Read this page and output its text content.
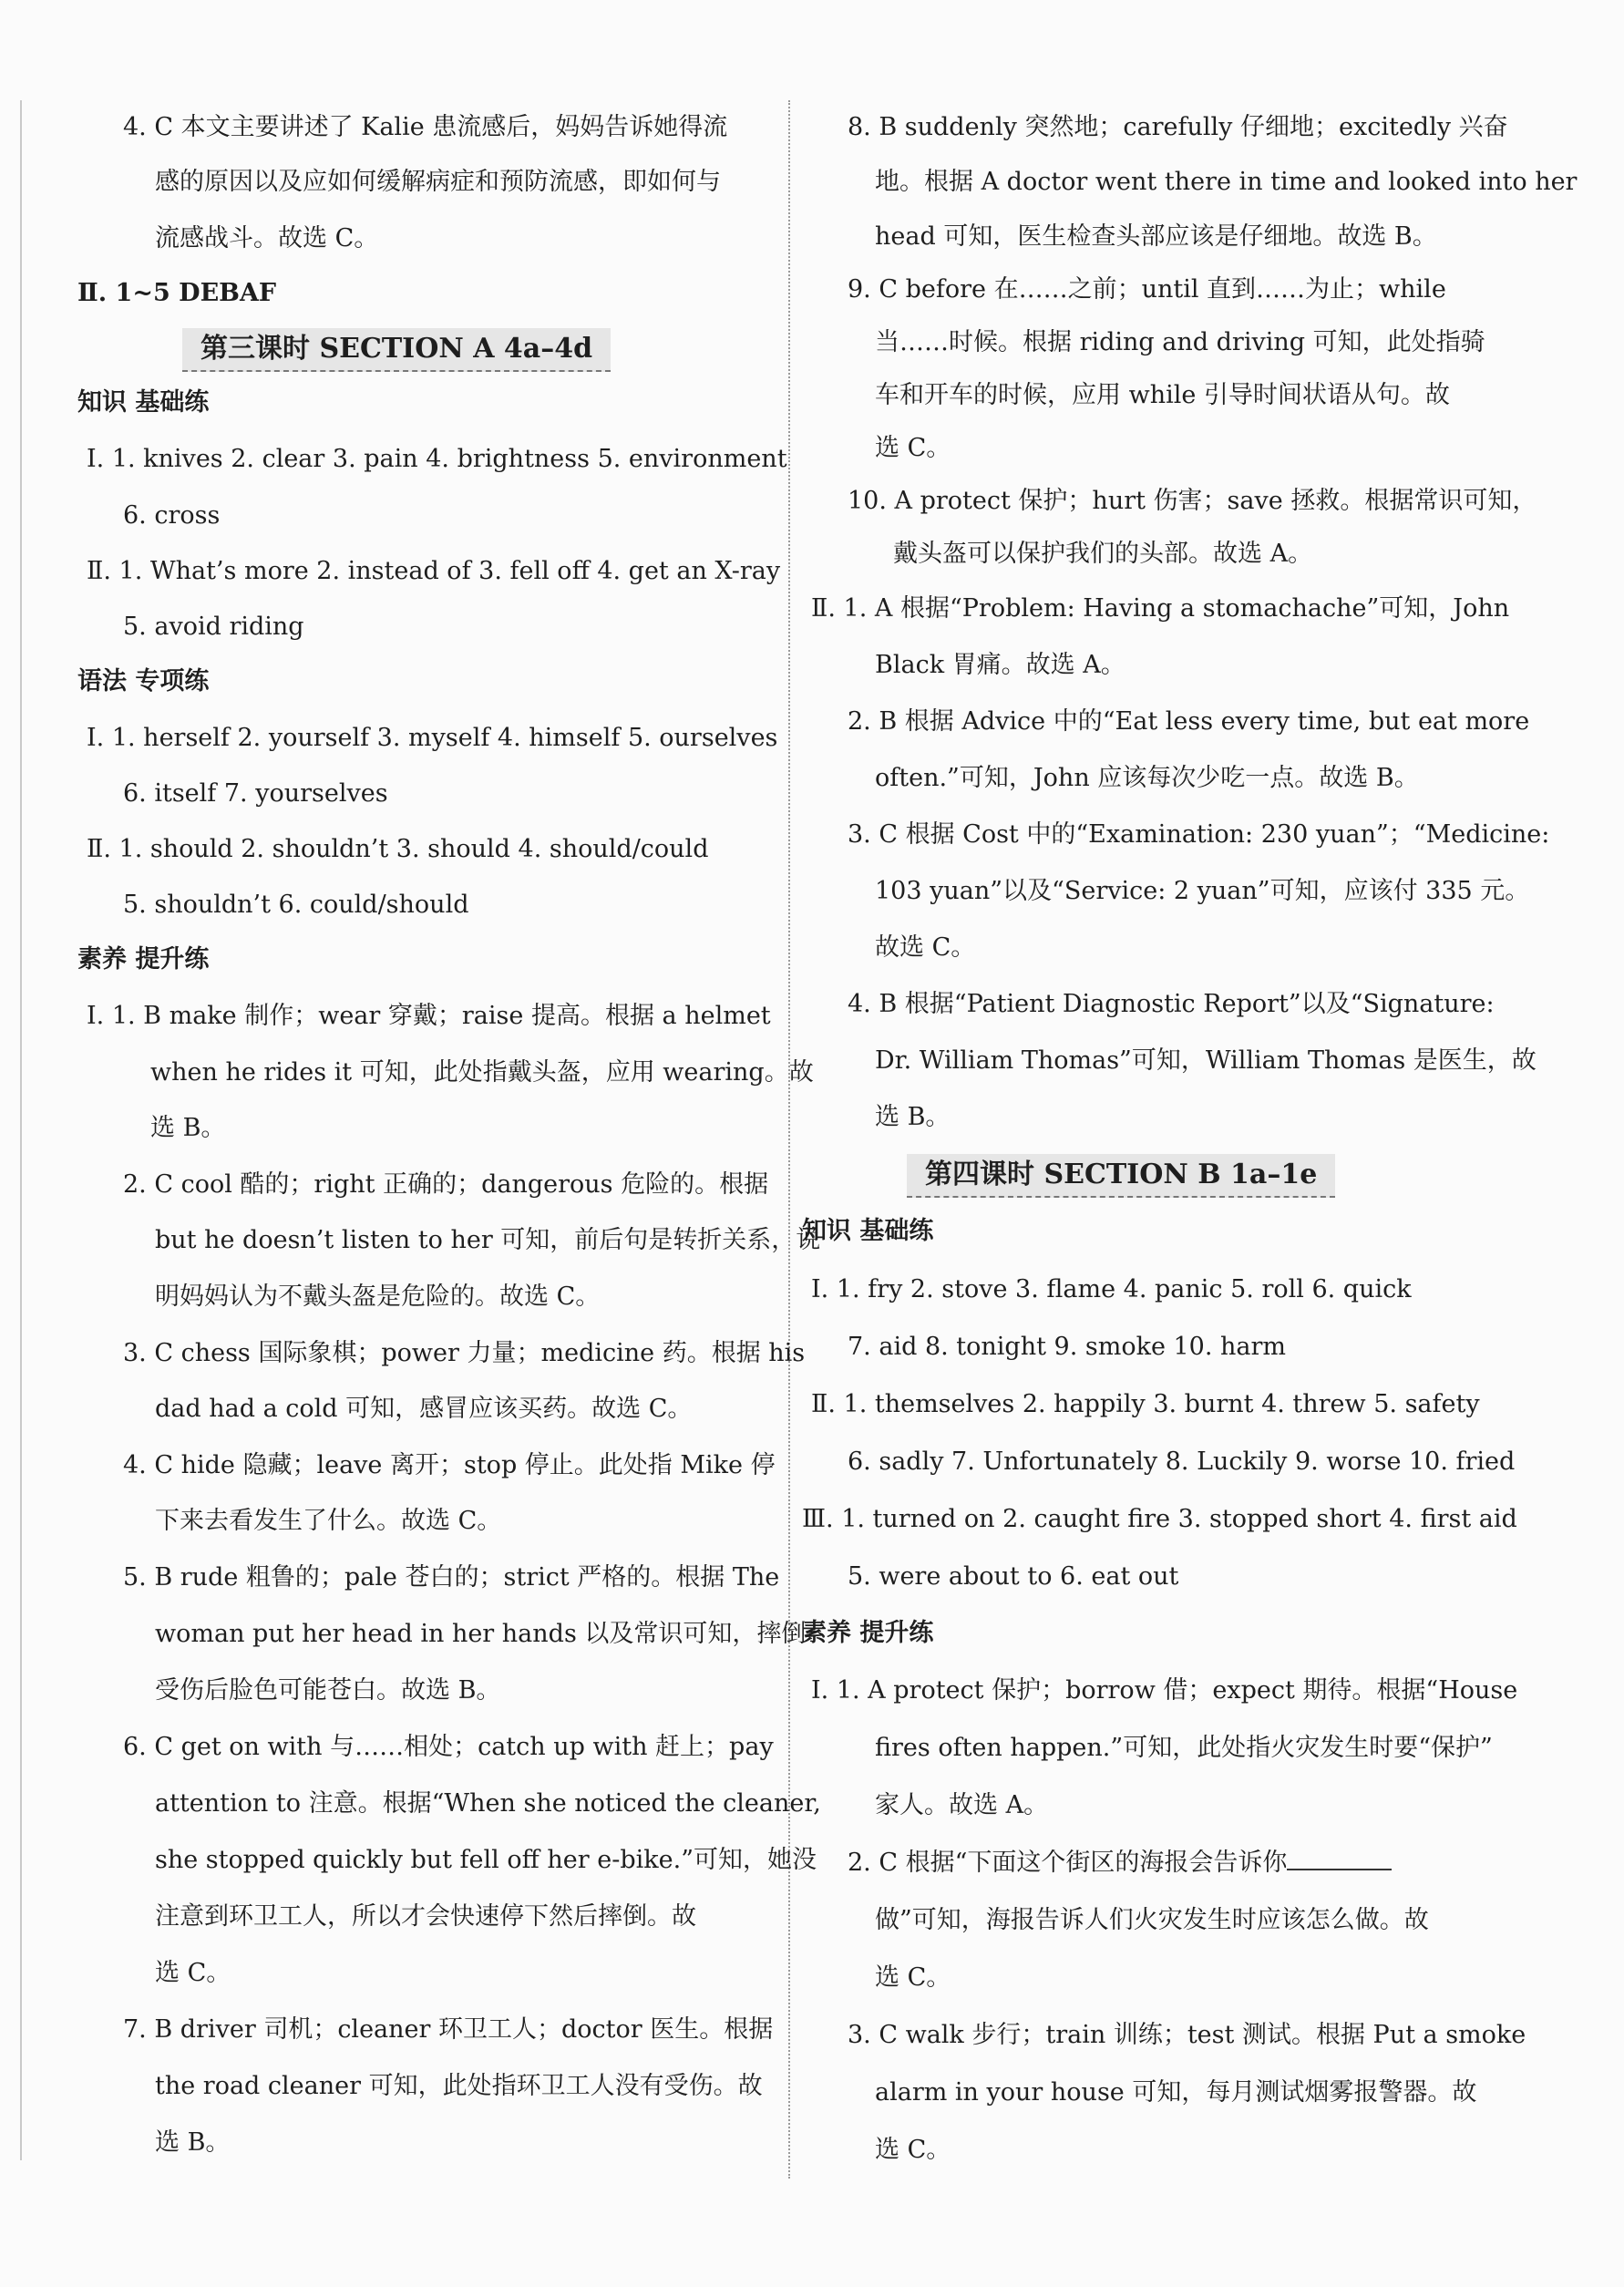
4. C 本文主要讲述了 Kalie 患流感后，妈妈告诉她得流
感的原因以及应如何缓解病症和预防流感，即如何与
流感战斗。故选 C。
Ⅱ. 1~5 DEBAF
第三课时 SECTION A 4a–4d
知识 基础练
Ⅰ. 1. knives 2. clear 3. pain 4. brightness 5. environment
6. cross
Ⅱ. 1. What’s more 2. instead of 3. fell off 4. get an X-ray
5. avoid riding
语法 专项练
Ⅰ. 1. herself 2. yourself 3. myself 4. himself 5. ourselves
6. itself 7. yourselves
Ⅱ. 1. should 2. shouldn’t 3. should 4. should/could
5. shouldn’t 6. could/should
素养 提升练
Ⅰ. 1. B make 制作；wear 穿戴；raise 提高。根据 a helmet
when he rides it 可知，此处指戴头盔，应用 wearing。故
选 B。
2. C cool 酷的；right 正确的；dangerous 危险的。根据
but he doesn’t listen to her 可知，前后句是转折关系，说
明妈妈认为不戴头盔是危险的。故选 C。
3. C chess 国际象棋；power 力量；medicine 药。根据 his
dad had a cold 可知，感冒应该买药。故选 C。
4. C hide 隐藏；leave 离开；stop 停止。此处指 Mike 停
下来去看发生了什么。故选 C。
5. B rude 粗鲁的；pale 苍白的；strict 严格的。根据 The
woman put her head in her hands 以及常识可知，摔倒
受伤后脸色可能苍白。故选 B。
6. C get on with 与……相处；catch up with 赶上；pay
attention to 注意。根据“When she noticed the cleaner,
she stopped quickly but fell off her e-bike.”可知，她没
注意到环卫工人，所以才会快速停下然后摔倒。故
选 C。
7. B driver 司机；cleaner 环卫工人；doctor 医生。根据
the road cleaner 可知，此处指环卫工人没有受伤。故
选 B。
8. B suddenly 突然地；carefully 仔细地；excitedly 兴奋
地。根据 A doctor went there in time and looked into her
head 可知，医生检查头部应该是仔细地。故选 B。
9. C before 在……之前；until 直到……为止；while
当……时候。根据 riding and driving 可知，此处指骑
车和开车的时候，应用 while 引导时间状语从句。故
选 C。
10. A protect 保护；hurt 伤害；save 拯救。根据常识可知，
戴头盔可以保护我们的头部。故选 A。
Ⅱ. 1. A 根据“Problem: Having a stomachache”可知，John
Black 胃痛。故选 A。
2. B 根据 Advice 中的“Eat less every time, but eat more
often.”可知，John 应该每次少吃一点。故选 B。
3. C 根据 Cost 中的“Examination: 230 yuan”；“Medicine:
103 yuan”以及“Service: 2 yuan”可知，应该付 335 元。
故选 C。
4. B 根据“Patient Diagnostic Report”以及“Signature:
Dr. William Thomas”可知，William Thomas 是医生，故
选 B。
第四课时 SECTION B 1a–1e
知识 基础练
Ⅰ. 1. fry 2. stove 3. flame 4. panic 5. roll 6. quick
7. aid 8. tonight 9. smoke 10. harm
Ⅱ. 1. themselves 2. happily 3. burnt 4. threw 5. safety
6. sadly 7. Unfortunately 8. Luckily 9. worse 10. fried
Ⅲ. 1. turned on 2. caught fire 3. stopped short 4. first aid
5. were about to 6. eat out
素养 提升练
Ⅰ. 1. A protect 保护；borrow 借；expect 期待。根据“House
fires often happen.”可知，此处指火灾发生时要“保护”
家人。故选 A。
2. C 根据“下面这个街区的海报会告诉你
做”可知，海报告诉人们火灾发生时应该怎么做。故
选 C。
3. C walk 步行；train 训练；test 测试。根据 Put a smoke
alarm in your house 可知，每月测试烟雾报警器。故
选 C。
